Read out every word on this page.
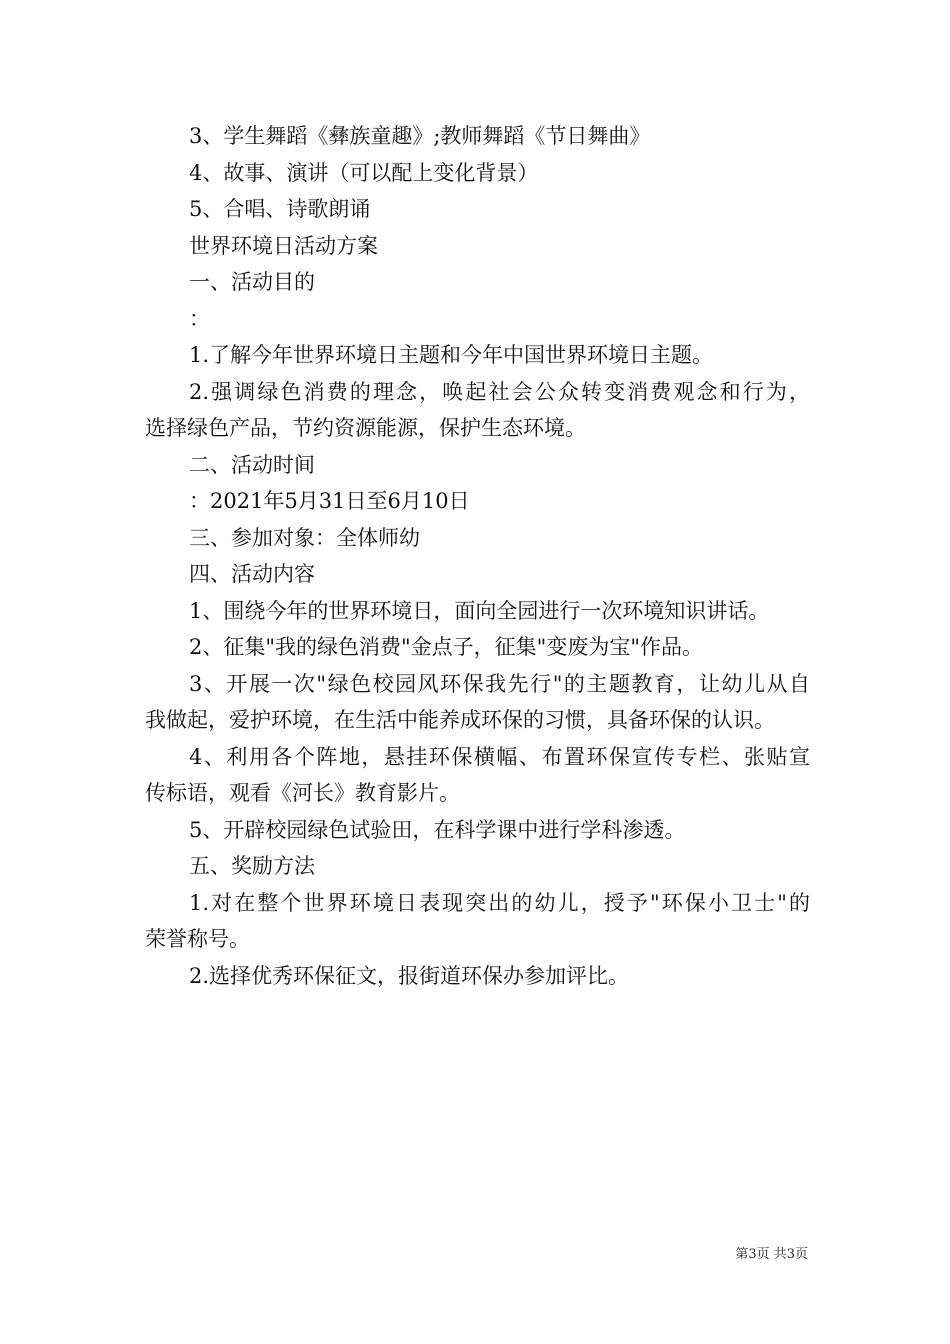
3、学生舞蹈《彝族童趣》;教师舞蹈《节日舞曲》

4、故事、演讲（可以配上变化背景）

5、合唱、诗歌朗诵

世界环境日活动方案

一、活动目的

：

1.了解今年世界环境日主题和今年中国世界环境日主题。

2.强调绿色消费的理念，唤起社会公众转变消费观念和行为，

选择绿色产品，节约资源能源，保护生态环境。

二、活动时间

：2021年5月31日至6月10日

三、参加对象：全体师幼

四、活动内容

1、围绕今年的世界环境日，面向全园进行一次环境知识讲话。

2、征集"我的绿色消费"金点子，征集"变废为宝"作品。

3、开展一次"绿色校园风环保我先行"的主题教育，让幼儿从自

我做起，爱护环境，在生活中能养成环保的习惯，具备环保的认识。

4、利用各个阵地，悬挂环保横幅、布置环保宣传专栏、张贴宣

传标语，观看《河长》教育影片。

5、开辟校园绿色试验田，在科学课中进行学科渗透。

五、奖励方法

1.对在整个世界环境日表现突出的幼儿，授予"环保小卫士"的

荣誉称号。

2.选择优秀环保征文，报街道环保办参加评比。

第3页 共3页
